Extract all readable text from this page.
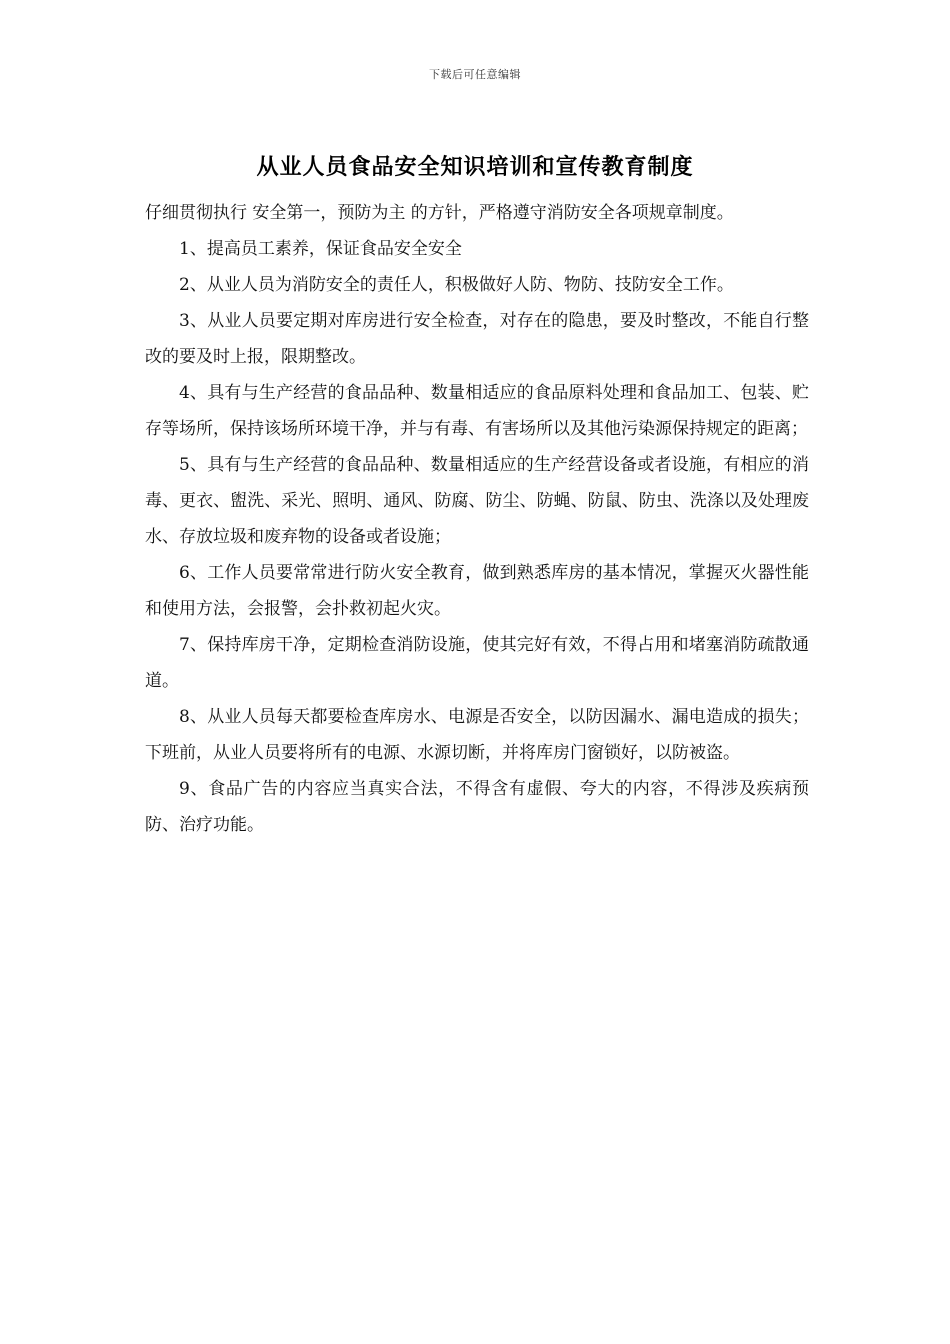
下载后可任意编辑
从业人员食品安全知识培训和宣传教育制度

仔细贯彻执行 安全第一，预防为主 的方针，严格遵守消防安全各项规章制度。

1、提高员工素养，保证食品安全安全

2、从业人员为消防安全的责任人，积极做好人防、物防、技防安全工作。

3、从业人员要定期对库房进行安全检查，对存在的隐患，要及时整改，不能自行整改的要及时上报，限期整改。

4、具有与生产经营的食品品种、数量相适应的食品原料处理和食品加工、包装、贮存等场所，保持该场所环境干净，并与有毒、有害场所以及其他污染源保持规定的距离；

5、具有与生产经营的食品品种、数量相适应的生产经营设备或者设施，有相应的消毒、更衣、盥洗、采光、照明、通风、防腐、防尘、防蝇、防鼠、防虫、洗涤以及处理废水、存放垃圾和废弃物的设备或者设施；

6、工作人员要常常进行防火安全教育，做到熟悉库房的基本情况，掌握灭火器性能和使用方法，会报警，会扑救初起火灾。

7、保持库房干净，定期检查消防设施，使其完好有效，不得占用和堵塞消防疏散通道。

8、从业人员每天都要检查库房水、电源是否安全，以防因漏水、漏电造成的损失；下班前，从业人员要将所有的电源、水源切断，并将库房门窗锁好，以防被盗。

9、食品广告的内容应当真实合法，不得含有虚假、夸大的内容，不得涉及疾病预防、治疗功能。
